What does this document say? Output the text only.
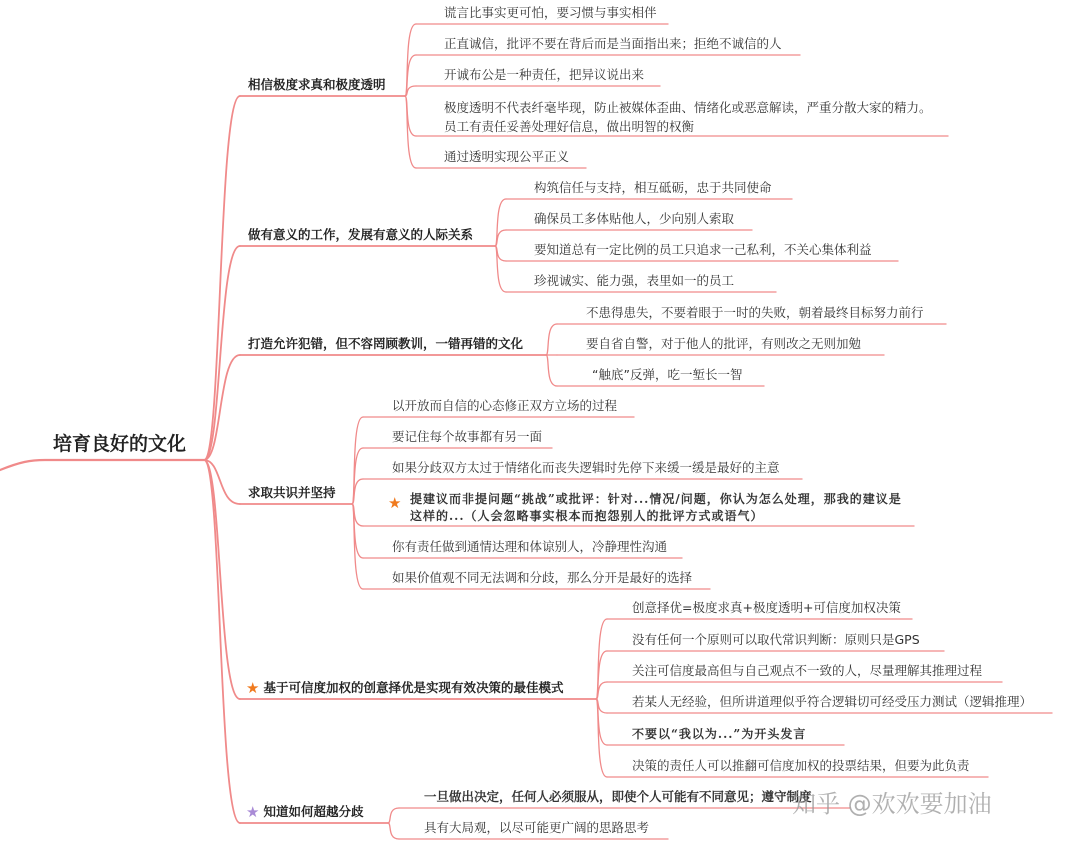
培育良好的文化
相信极度求真和极度透明
谎言比事实更可怕，要习惯与事实相伴
正直诚信，批评不要在背后而是当面指出来；拒绝不诚信的人
开诚布公是一种责任，把异议说出来
极度透明不代表纤毫毕现，防止被媒体歪曲、情绪化或恶意解读，严重分散大家的精力。员工有责任妥善处理好信息，做出明智的权衡
通过透明实现公平正义
做有意义的工作，发展有意义的人际关系
构筑信任与支持，相互砥砺，忠于共同使命
确保员工多体贴他人，少向别人索取
要知道总有一定比例的员工只追求一己私利，不关心集体利益
珍视诚实、能力强，表里如一的员工
打造允许犯错，但不容罔顾教训，一错再错的文化
不患得患失，不要着眼于一时的失败，朝着最终目标努力前行
要自省自警，对于他人的批评，有则改之无则加勉
“触底”反弹，吃一堑长一智
求取共识并坚持
以开放而自信的心态修正双方立场的过程
要记住每个故事都有另一面
如果分歧双方太过于情绪化而丧失逻辑时先停下来缓一缓是最好的主意
★ 提建议而非提问题“挑战”或批评：针对...情况/问题，你认为怎么处理，那我的建议是这样的...（人会忽略事实根本而抱怨别人的批评方式或语气）
你有责任做到通情达理和体谅别人，冷静理性沟通
如果价值观不同无法调和分歧，那么分开是最好的选择
★ 基于可信度加权的创意择优是实现有效决策的最佳模式
创意择优=极度求真+极度透明+可信度加权决策
没有任何一个原则可以取代常识判断：原则只是GPS
关注可信度最高但与自己观点不一致的人，尽量理解其推理过程
若某人无经验，但所讲道理似乎符合逻辑切可经受压力测试（逻辑推理）
不要以“我以为...”为开头发言
决策的责任人可以推翻可信度加权的投票结果，但要为此负责
★ 知道如何超越分歧
一旦做出决定，任何人必须服从，即使个人可能有不同意见；遵守制度
具有大局观，以尽可能更广阔的思路思考
知乎 @欢欢要加油
